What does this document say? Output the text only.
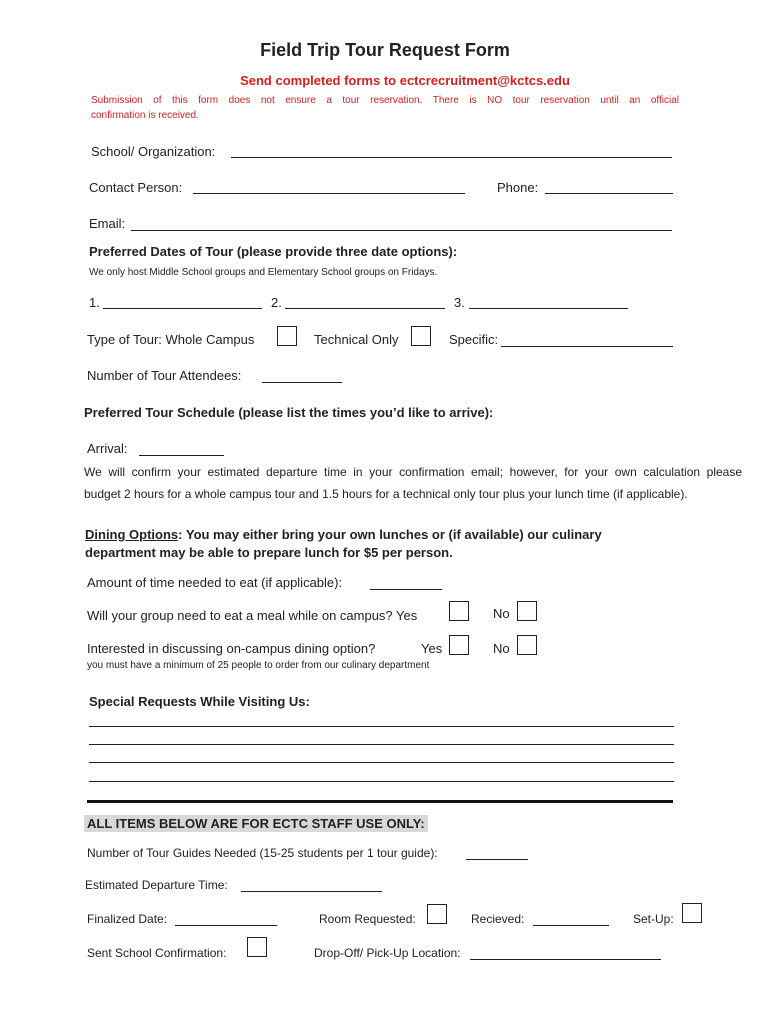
Field Trip Tour Request Form
Send completed forms to ectcrecruitment@kctcs.edu
Submission of this form does not ensure a tour reservation. There is NO tour reservation until an official
confirmation is received.
School/ Organization:
Contact Person:	Phone:
Email:
Preferred Dates of Tour (please provide three date options):
We only host Middle School groups and Elementary School groups on Fridays.
1.	2.	3.
Type of Tour: Whole Campus	Technical Only	Specific:
Number of Tour Attendees:
Preferred Tour Schedule (please list the times you’d like to arrive):
Arrival:
We will confirm your estimated departure time in your confirmation email; however, for your own calculation please
budget 2 hours for a whole campus tour and 1.5 hours for a technical only tour plus your lunch time (if applicable).
Dining Options: You may either bring your own lunches or (if available) our culinary
department may be able to prepare lunch for $5 per person.
Amount of time needed to eat (if applicable):
Will your group need to eat a meal while on campus? Yes	No
Interested in discussing on-campus dining option?	Yes	No
you must have a minimum of 25 people to order from our culinary department
Special Requests While Visiting Us:
ALL ITEMS BELOW ARE FOR ECTC STAFF USE ONLY:
Number of Tour Guides Needed (15-25 students per 1 tour guide):
Estimated Departure Time:
Finalized Date:	Room Requested:	Recieved:	Set-Up:
Sent School Confirmation:	Drop-Off/ Pick-Up Location:
